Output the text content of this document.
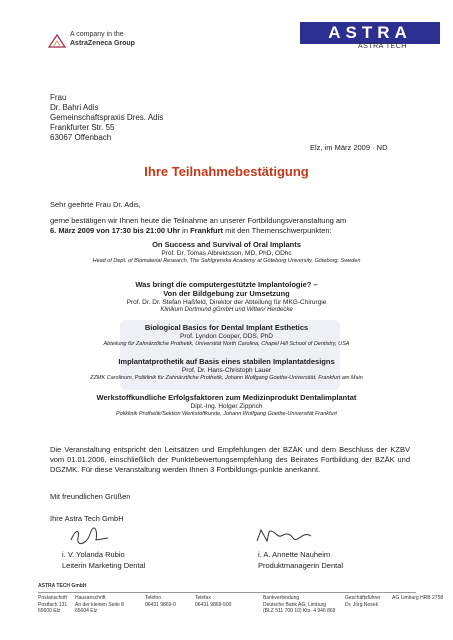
A company in the
AstraZeneca Group
ASTRA
ASTRA TECH
Frau
Dr. Bahri Adis
Gemeinschaftspraxis Dres. Adis
Frankfurter Str. 55
63067 Offenbach
Elz, im März 2009 · ND
Ihre Teilnahmebestätigung
Sehr geehrte Frau Dr. Adis,
gerne bestätigen wir Ihnen heute die Teilnahme an unserer Fortbildungsveranstaltung am
6. März 2009 von 17:30 bis 21:00 Uhr in Frankfurt mit den Themenschwerpunkten:
On Success and Survival of Oral Implants
Prof. Dr. Tomas Albrektsson, MD, PhD, ODhc
Head of Dept. of Biomaterial Research, The Sahlgrenska Academy at Göteborg University, Göteborg, Sweden
Was bringt die computergestützte Implantologie? –
Von der Bildgebung zur Umsetzung
Prof. Dr. Dr. Stefan Haßfeld, Direktor der Abteilung für MKG-Chirurgie
Klinikum Dortmund gGmbH und Witten/ Herdecke
Biological Basics for Dental Implant Esthetics
Prof. Lyndon Cooper, DDS, PhD
Abteilung für Zahnärztliche Prothetik, Universität North Carolina, Chapel Hill School of Dentistry, USA
Implantatprothetik auf Basis eines stabilen Implantatdesigns
Prof. Dr. Hans-Christoph Lauer
ZZMK Carolinum, Poliklinik für Zahnärztliche Prothetik, Johann Wolfgang Goethe-Universität, Frankfurt am Main
Werkstoffkundliche Erfolgsfaktoren zum Medizinprodukt Dentalimplantat
Dipl.-Ing. Holger Zipprich
Poliklinik Prothetik/Sektion Werkstoffkunde, Johann Wolfgang Goethe-Universität Frankfurt
Die Veranstaltung entspricht den Leitsätzen und Empfehlungen der BZÄK und dem Beschluss der KZBV vom 01.01.2006, einschließlich der Punktebewertungsempfehlung des Beirates Fortbildung der BZÄK und DGZMK. Für diese Veranstaltung werden Ihnen 3 Fortbildungs-punkte anerkannt.
Mit freundlichen Grüßen
Ihre Astra Tech GmbH
i. V. Yolanda Rubio
Leiterin Marketing Dental
i. A. Annette Nauheim
Produktmanagerin Dental
ASTRA TECH GmbH
Postanschrift
Postfach 131
65600 Elz
Hausanschrift
An der kleinen Seite 8
65604 Elz
Telefon
06431 9869-0
Telefax
06431 9869-500
Bankverbindung
Deutsche Bank AG, Limburg
(BLZ 511 700 10) Kto. 4 946 869
Geschäftsführer
Dr. Jörg Nosek
AG Limburg HRB 2758
